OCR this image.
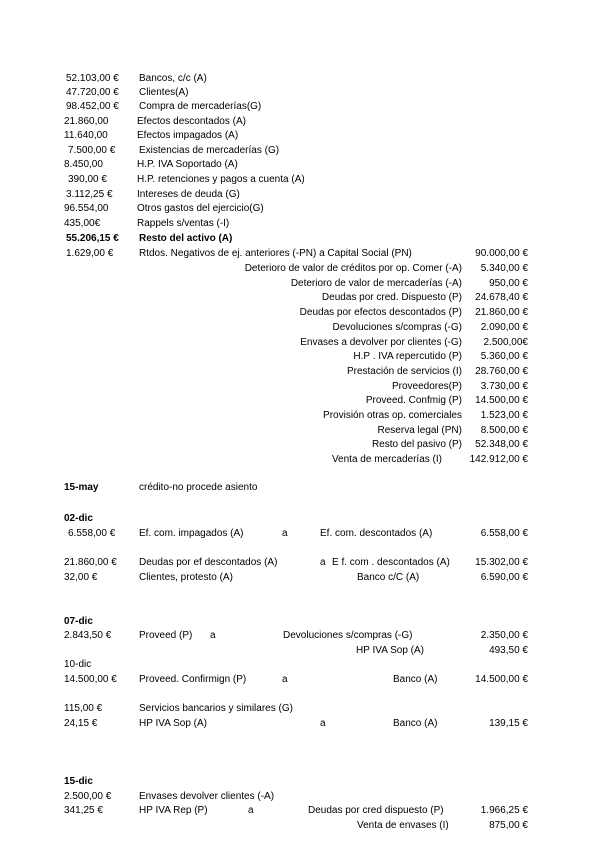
52.103,00 € Bancos, c/c (A)
47.720,00 € Clientes(A)
98.452,00 € Compra de mercaderías(G)
21.860,00	Efectos descontados (A)
11.640,00	Efectos impagados (A)
7.500,00 € Existencias de mercaderías (G)
8.450,00	H.P. IVA Soportado (A)
390,00 €	H.P. retenciones y pagos a cuenta (A)
3.112,25 € Intereses de deuda (G)
96.554,00	Otros gastos del ejercicio(G)
435,00€	Rappels s/ventas (-I)
55.206,15 € Resto del activo (A)
1.629,00 €	Rtdos. Negativos de ej. anteriores (-PN) a Capital Social (PN)	90.000,00 €
Deterioro de valor de créditos por op. Comer (-A) 5.340,00 €
Deterioro de valor de mercaderías (-A)	950,00 €
Deudas por cred. Dispuesto (P) 24.678,40 €
Deudas por efectos descontados (P) 21.860,00 €
Devoluciones s/compras (-G) 2.090,00 €
Envases a devolver por clientes (-G) 2.500,00€
H.P . IVA repercutido (P) 5.360,00 €
Prestación de servicios (I) 28.760,00 €
Proveedores(P) 3.730,00 €
Proveed. Confmig (P) 14.500,00 €
Provisión otras op. comerciales 1.523,00 €
Reserva legal (PN) 8.500,00 €
Resto del pasivo (P) 52.348,00 €
Venta de mercaderías (I)	142.912,00 €
15-may	crédito-no procede asiento
02-dic
6.558,00 € Ef. com. impagados (A)	a	Ef. com. descontados (A)	6.558,00 €
21.860,00 € Deudas por ef descontados (A)	a E f. com . descontados (A)	15.302,00 €
32,00 €	Clientes, protesto (A)	Banco c/C (A)	6.590,00 €
07-dic
2.843,50 €	Proveed (P) a	Devoluciones s/compras (-G)	2.350,00 €
HP IVA Sop (A)	493,50 €
10-dic
14.500,00 € Proveed. Confirmign (P)	a	Banco (A)	14.500,00 €
115,00 €	Servicios bancarios y similares (G)
24,15 €	HP IVA Sop (A)	a	Banco (A)	139,15 €
15-dic
2.500,00 €	Envases devolver clientes (-A)
341,25 €	HP IVA Rep (P)	a	Deudas por cred dispuesto (P)	1.966,25 €
Venta de envases (I)	875,00 €
